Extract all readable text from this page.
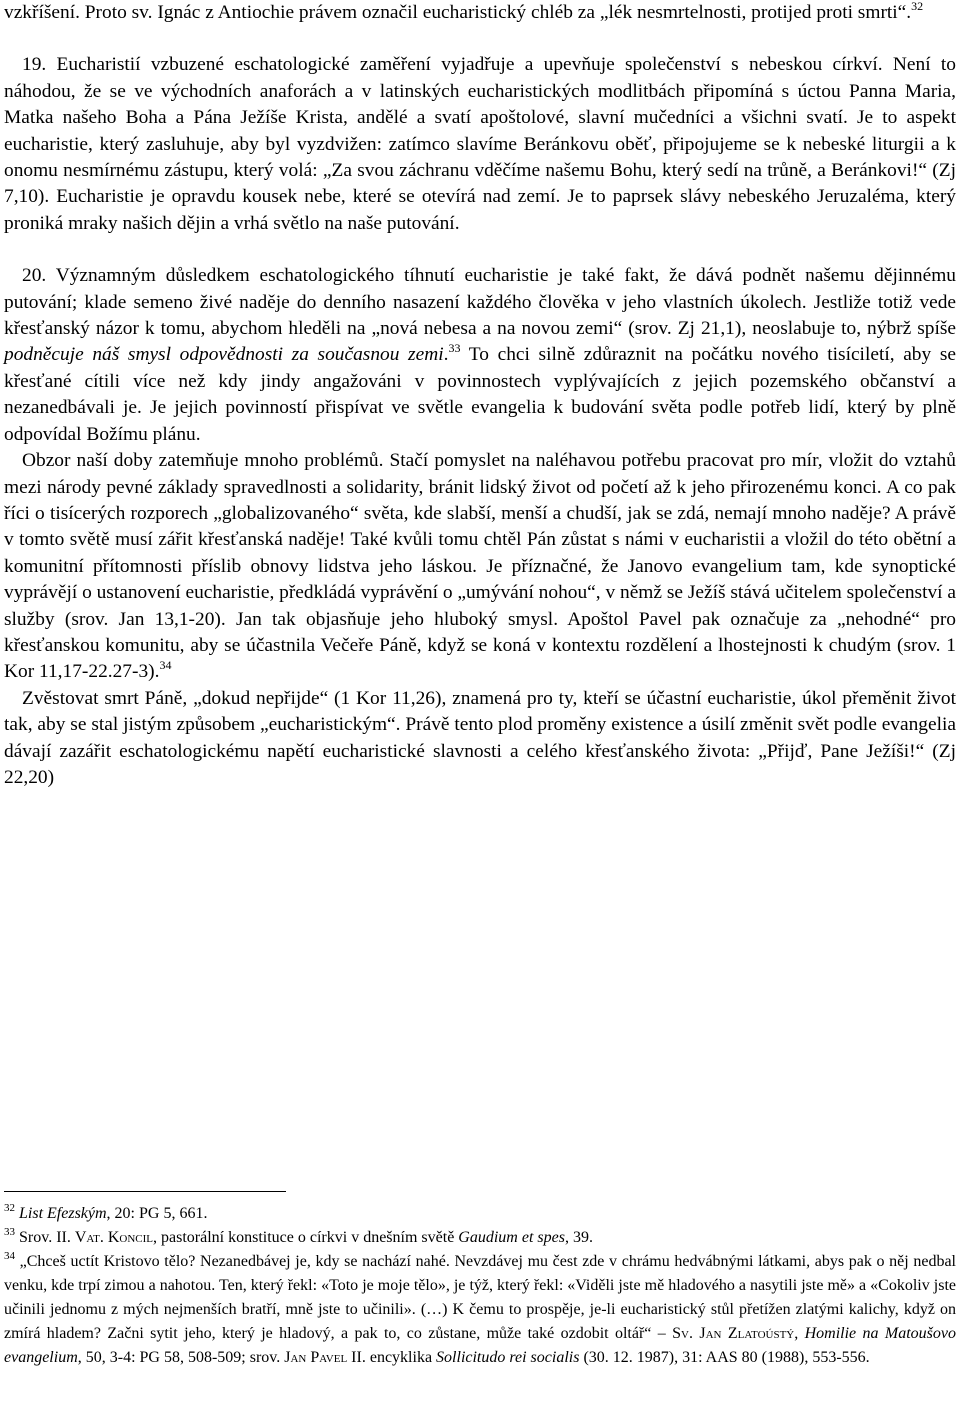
vzkříšení. Proto sv. Ignác z Antiochie právem označil eucharistický chléb za „lék nesmrtelnosti, protijed proti smrti“.$^{32}$

19. Eucharistií vzbuzené eschatologické zaměření vyjadřuje a upevňuje společenství s nebeskou církví. Není to náhodou, že se ve východních anaforách a v latinských eucharistických modlitbách připomíná s úctou Panna Maria, Matka našeho Boha a Pána Ježíše Krista, andělé a svatí apoštolové, slavní mučedníci a všichni svatí. Je to aspekt eucharistie, který zasluhuje, aby byl vyzdvižen: zatímco slavíme Beránkovu oběť, připojujeme se k nebeské liturgii a k onomu nesmírnému zástupu, který volá: „Za svou záchranu vděčíme našemu Bohu, který sedí na trůně, a Beránkovi!“ (Zj 7,10). Eucharistie je opravdu kousek nebe, které se otevírá nad zemí. Je to paprsek slávy nebeského Jeruzaléma, který proniká mraky našich dějin a vrhá světlo na naše putování.

20. Významným důsledkem eschatologického tíhnutí eucharistie je také fakt, že dává podnět našemu dějinnému putování; klade semeno živé naděje do denního nasazení každého člověka v jeho vlastních úkolech. Jestliže totiž vede křesťanský názor k tomu, abychom hleděli na „nová nebesa a na novou zemi“ (srov. Zj 21,1), neoslabuje to, nýbrž spíše podněcuje náš smysl odpovědnosti za současnou zemi.$^{33}$ To chci silně zdůraznit na počátku nového tisíciletí, aby se křesťané cítili více než kdy jindy angažováni v povinnostech vyplývajících z jejich pozemského občanství a nezanedbávali je. Je jejich povinností přispívat ve světle evangelia k budování světa podle potřeb lidí, který by plně odpovídal Božímu plánu.

Obzor naší doby zatemňuje mnoho problémů. Stačí pomyslet na naléhavou potřebu pracovat pro mír, vložit do vztahů mezi národy pevné základy spravedlnosti a solidarity, bránit lidský život od početí až k jeho přirozenému konci. A co pak říci o tisícerých rozporech „globalizovaného“ světa, kde slabší, menší a chudší, jak se zdá, nemají mnoho naděje? A právě v tomto světě musí zářit křesťanská naděje! Také kvůli tomu chtěl Pán zůstat s námi v eucharistii a vložil do této obětní a komunitní přítomnosti příslib obnovy lidstva jeho láskou. Je příznačné, že Janovo evangelium tam, kde synoptické vyprávějí o ustanovení eucharistie, předkládá vyprávění o „umývání nohou“, v němž se Ježíš stává učitelem společenství a služby (srov. Jan 13,1-20). Jan tak objasňuje jeho hluboký smysl. Apoštol Pavel pak označuje za „nehodné“ pro křesťanskou komunitu, aby se účastnila Večeře Páně, když se koná v kontextu rozdělení a lhostejnosti k chudým (srov. 1 Kor 11,17-22.27-3).$^{34}$

Zvěstovat smrt Páně, „dokud nepřijde“ (1 Kor 11,26), znamená pro ty, kteří se účastní eucharistie, úkol přeměnit život tak, aby se stal jistým způsobem „eucharistickým“. Právě tento plod proměny existence a úsilí změnit svět podle evangelia dávají zazářit eschatologickému napětí eucharistické slavnosti a celého křesťanského života: „Přijď, Pane Ježíši!“ (Zj 22,20)

$^{32}$ List Efezským, 20: PG 5, 661.

$^{33}$ Srov. II. Vat. Koncil, pastorální konstituce o církvi v dnešním světě Gaudium et spes, 39.

$^{34}$ „Chceš uctít Kristovo tělo? Nezanedbávej je, kdy se nachází nahé. Nevzdávej mu čest zde v chrámu hedvábnými látkami, abys pak o něj nedbal venku, kde trpí zimou a nahotou. Ten, který řekl: «Toto je moje tělo», je týž, který řekl: «Viděli jste mě hladového a nasytili jste mě» a «Cokoliv jste učinili jednomu z mých nejmenších bratří, mně jste to učinili». (…) K čemu to prospěje, je-li eucharistický stůl přetížen zlatými kalichy, když on zmírá hladem? Začni sytit jeho, který je hladový, a pak to, co zůstane, může také ozdobit oltář“ – Sv. Jan Zlatoústý, Homilie na Matoušovo evangelium, 50, 3-4: PG 58, 508-509; srov. Jan Pavel II. encyklika Sollicitudo rei socialis (30. 12. 1987), 31: AAS 80 (1988), 553-556.
